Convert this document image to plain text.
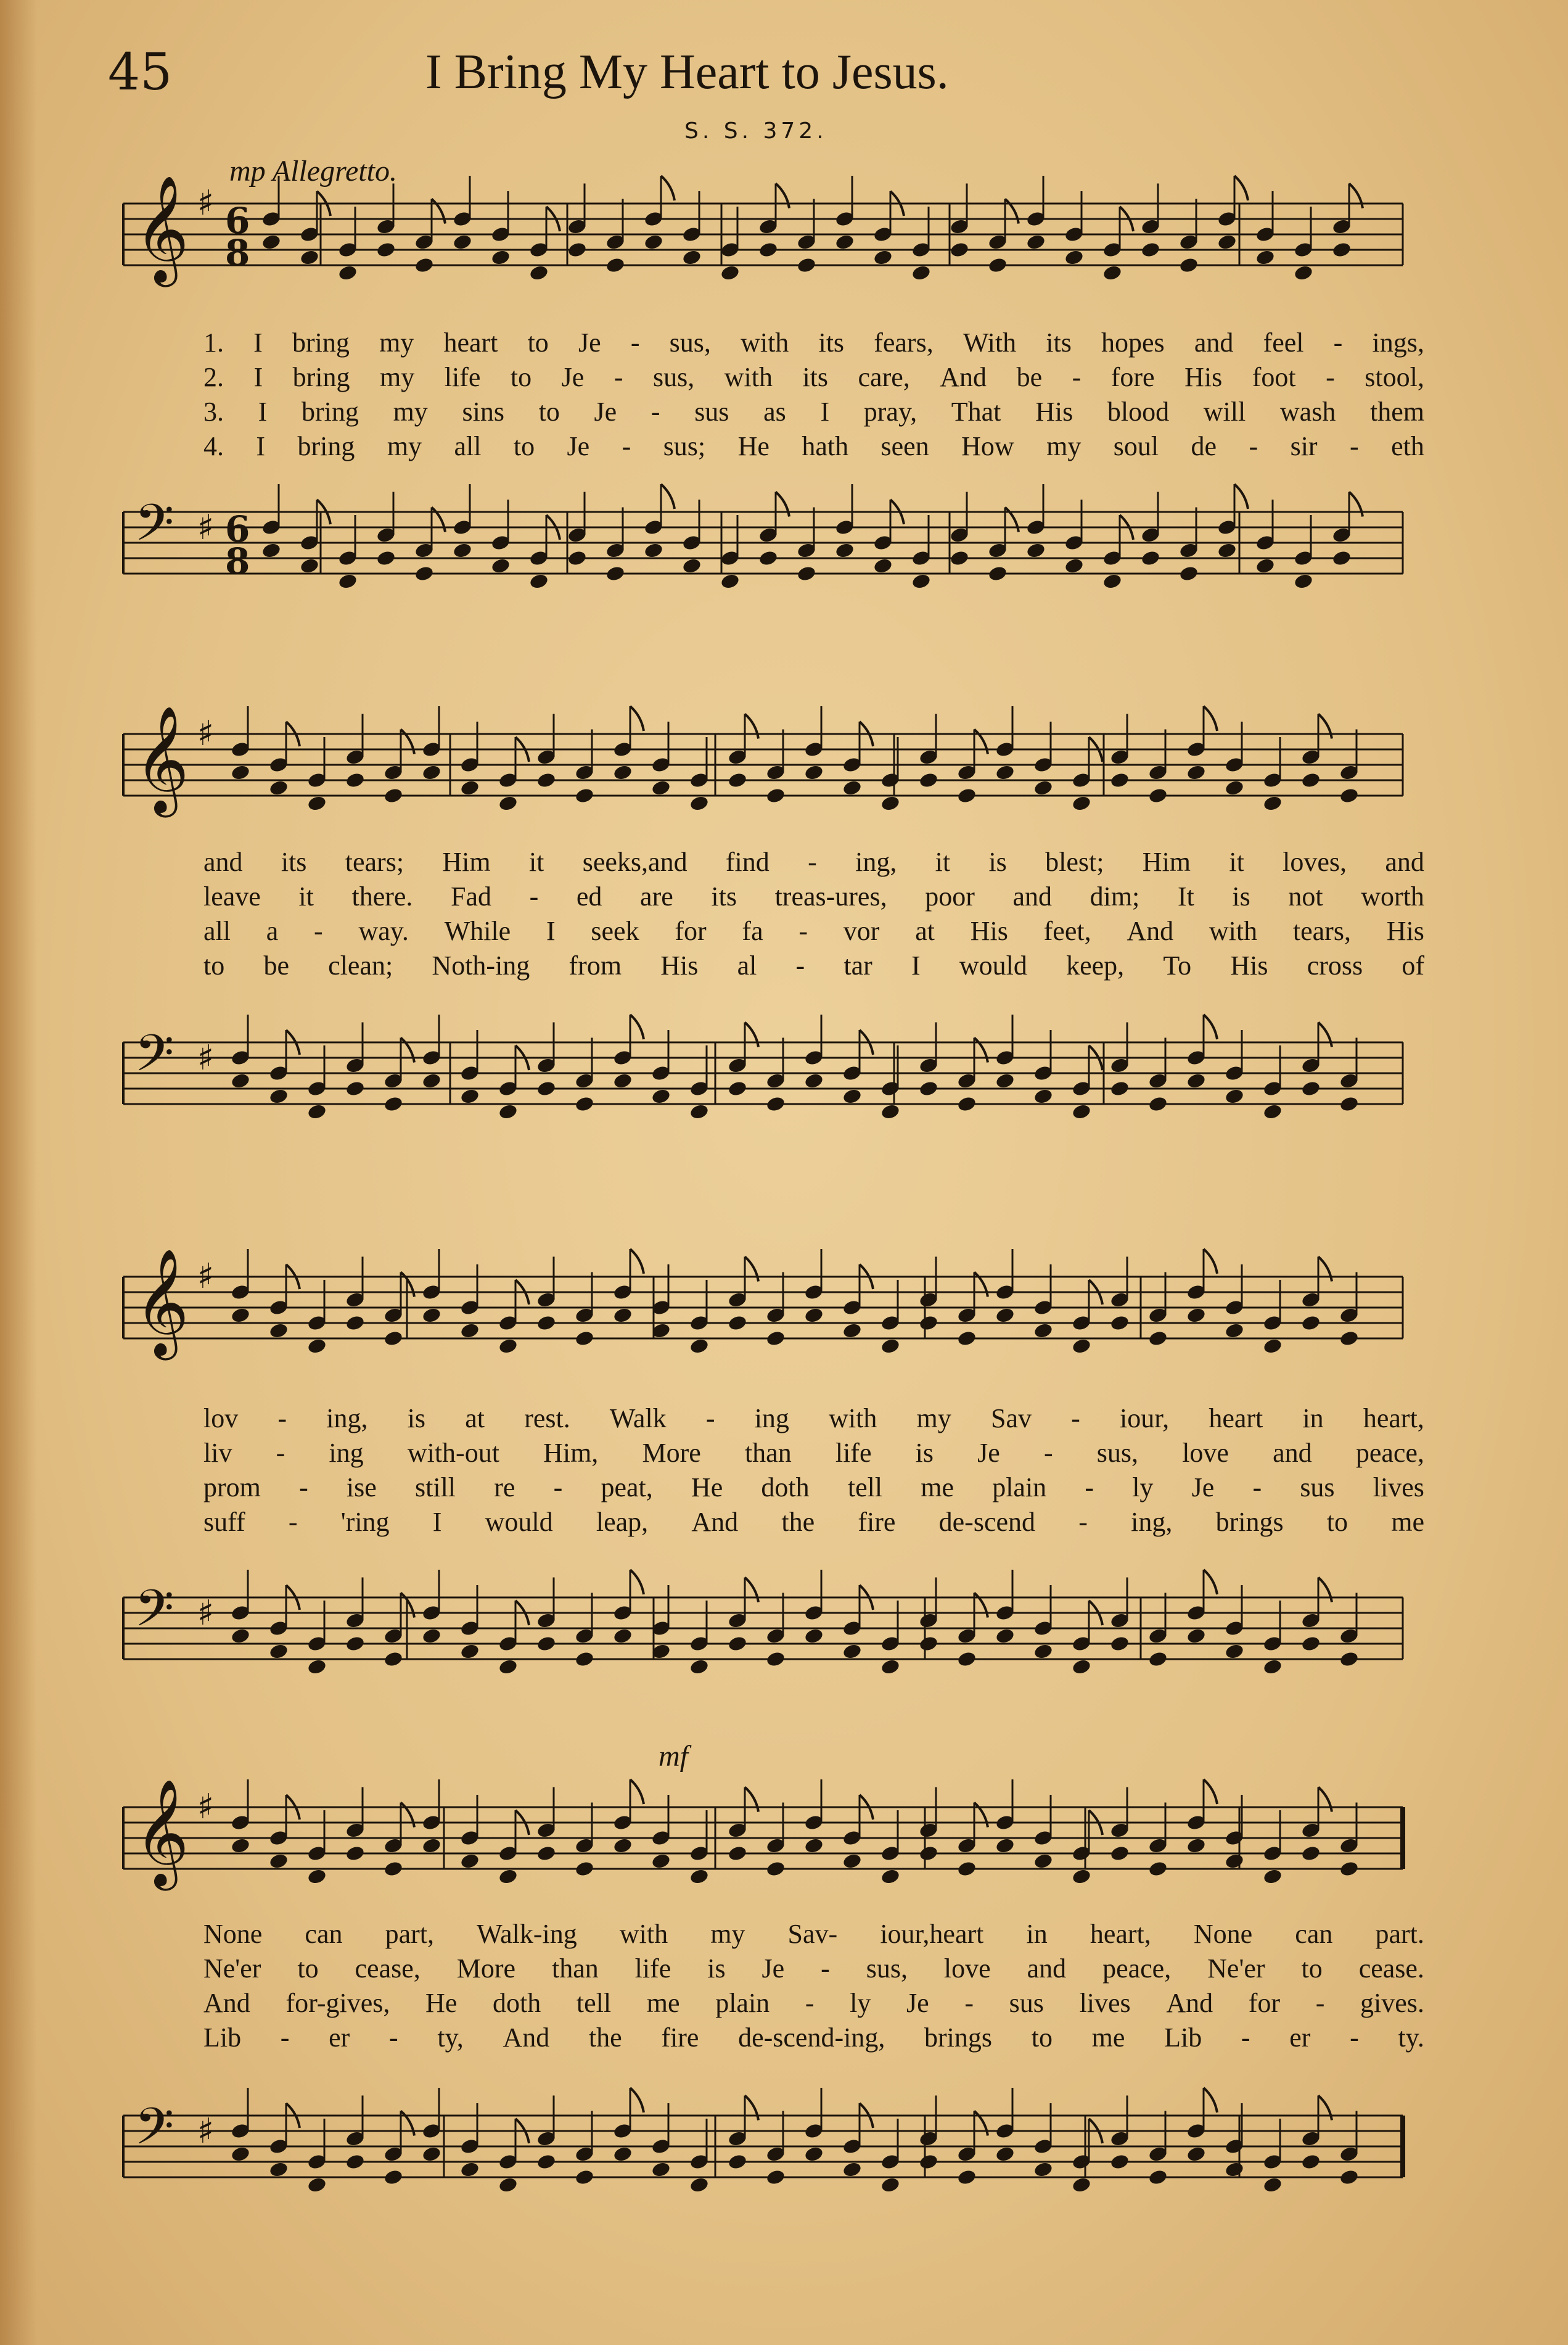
45	I Bring My Heart to Jesus.
S. S. 372.
mp Allegretto.
mf
𝄞 ♯ 6
8
1. I bring my heart to Je - sus, with its fears, With its hopes and feel - ings,
2. I bring my life to Je - sus, with its care, And be - fore His foot - stool,
3. I bring my sins to Je - sus as I pray, That His blood will wash them
4. I bring my all to Je - sus; He hath seen How my soul de - sir - eth
𝄢 ♯ 6
8
𝄞 ♯
and its tears; Him it seeks,and find - ing, it is blest; Him it loves, and
leave it there. Fad - ed are its treas-ures, poor and dim; It is not worth
all a - way. While I seek for fa - vor at His feet, And with tears, His
to be clean; Noth-ing from His al - tar I would keep, To His cross of
𝄢 ♯
𝄞 ♯
lov - ing, is at rest. Walk - ing with my Sav - iour, heart in heart,
liv - ing with-out Him, More than life is Je - sus, love and peace,
prom - ise still re - peat, He doth tell me plain - ly Je - sus lives
suff - 'ring I would leap, And the fire de-scend - ing, brings to me
𝄢 ♯
𝄞 ♯
None can part, Walk-ing with my Sav- iour,heart in heart, None can part.
Ne'er to cease, More than life is Je - sus, love and peace, Ne'er to cease.
And for-gives, He doth tell me plain - ly Je - sus lives And for - gives.
Lib - er - ty, And the fire de-scend-ing, brings to me Lib - er - ty.
𝄢 ♯
